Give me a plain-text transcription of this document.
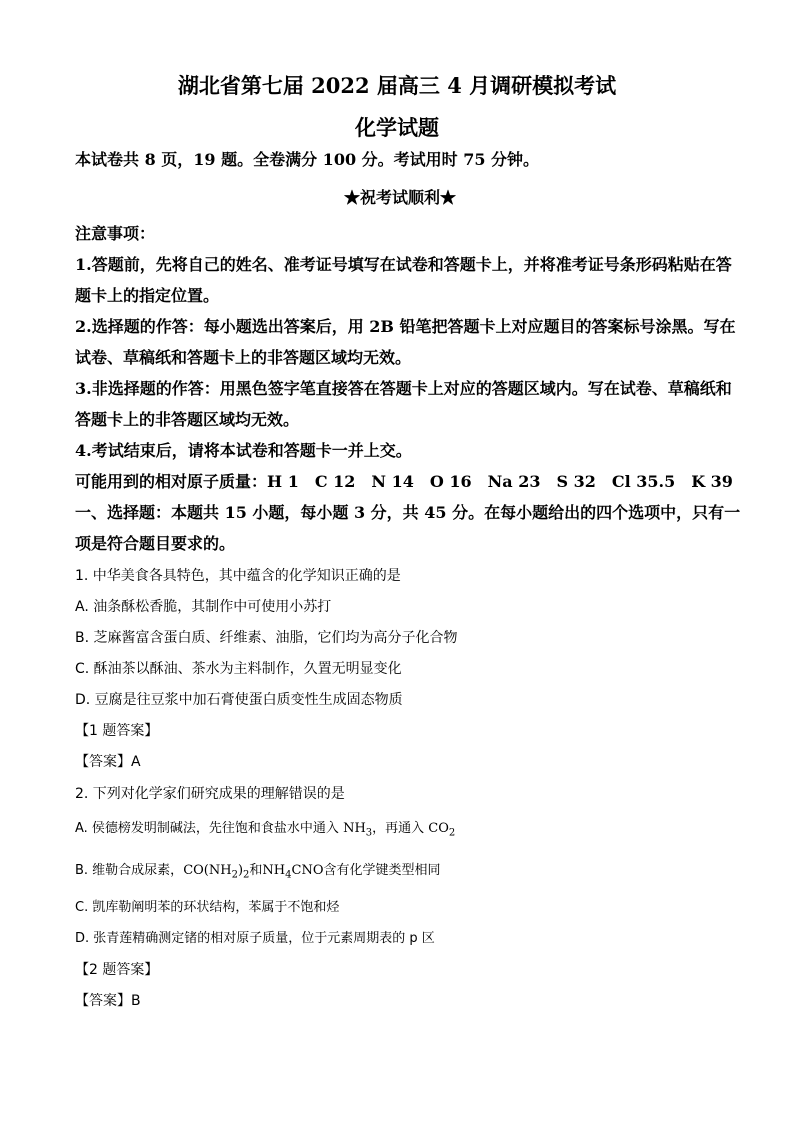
湖北省第七届 2022 届高三 4 月调研模拟考试
化学试题
本试卷共 8 页，19 题。全卷满分 100 分。考试用时 75 分钟。
★祝考试顺利★
注意事项：
1.答题前，先将自己的姓名、准考证号填写在试卷和答题卡上，并将准考证号条形码粘贴在答
题卡上的指定位置。
2.选择题的作答：每小题选出答案后，用 2B 铅笔把答题卡上对应题目的答案标号涂黑。写在
试卷、草稿纸和答题卡上的非答题区域均无效。
3.非选择题的作答：用黑色签字笔直接答在答题卡上对应的答题区域内。写在试卷、草稿纸和
答题卡上的非答题区域均无效。
4.考试结束后，请将本试卷和答题卡一并上交。
可能用到的相对原子质量：H 1　C 12　N 14　O 16　Na 23　S 32　Cl 35.5　K 39
一、选择题：本题共 15 小题，每小题 3 分，共 45 分。在每小题给出的四个选项中，只有一
项是符合题目要求的。
1. 中华美食各具特色，其中蕴含的化学知识正确的是
A. 油条酥松香脆，其制作中可使用小苏打
B. 芝麻酱富含蛋白质、纤维素、油脂，它们均为高分子化合物
C. 酥油茶以酥油、茶水为主料制作，久置无明显变化
D. 豆腐是往豆浆中加石膏使蛋白质变性生成固态物质
【1 题答案】
【答案】A
2. 下列对化学家们研究成果的理解错误的是
A. 侯德榜发明制碱法，先往饱和食盐水中通入 $NH_3$，再通入 $CO_2$
B. 维勒合成尿素，$CO(NH_2)_2$和$NH_4CNO$含有化学键类型相同
C. 凯库勒阐明苯的环状结构，苯属于不饱和烃
D. 张青莲精确测定锗的相对原子质量，位于元素周期表的 p 区
【2 题答案】
【答案】B
